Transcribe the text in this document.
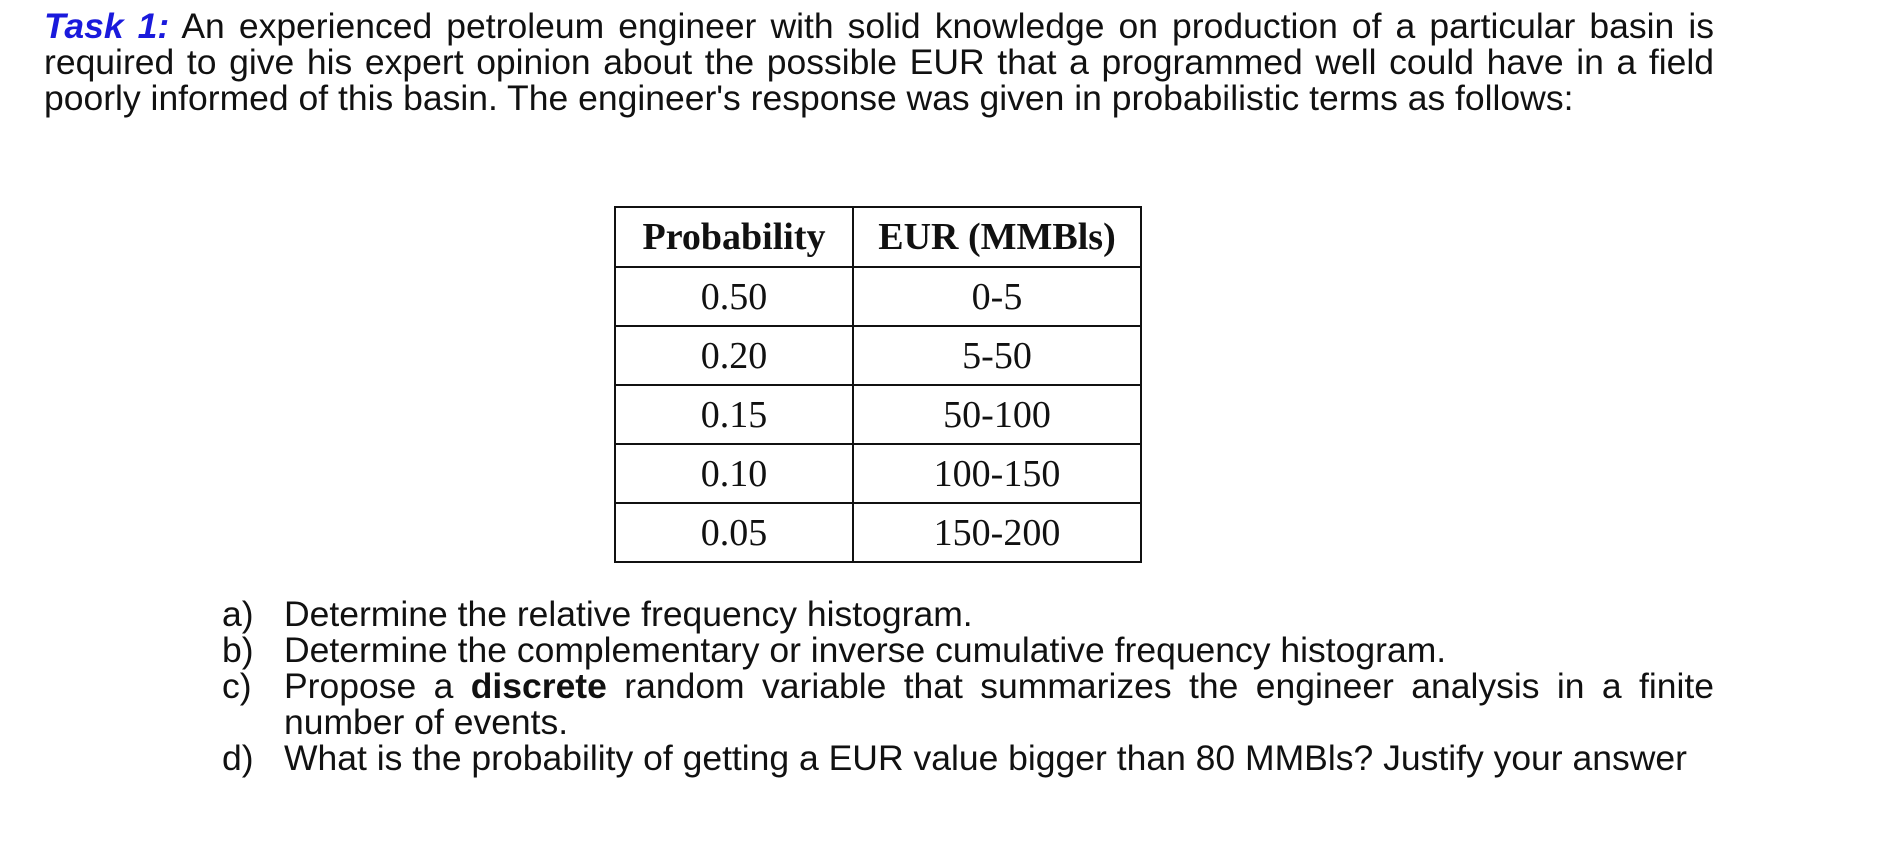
Task 1: An experienced petroleum engineer with solid knowledge on production of a particular basin is required to give his expert opinion about the possible EUR that a programmed well could have in a field poorly informed of this basin. The engineer's response was given in probabilistic terms as follows:
Probability	EUR (MMBls)
0.50	0-5
0.20	5-50
0.15	50-100
0.10	100-150
0.05	150-200
a) Determine the relative frequency histogram.
b) Determine the complementary or inverse cumulative frequency histogram.
c) Propose a discrete random variable that summarizes the engineer analysis in a finite number of events.
d) What is the probability of getting a EUR value bigger than 80 MMBls? Justify your answer
